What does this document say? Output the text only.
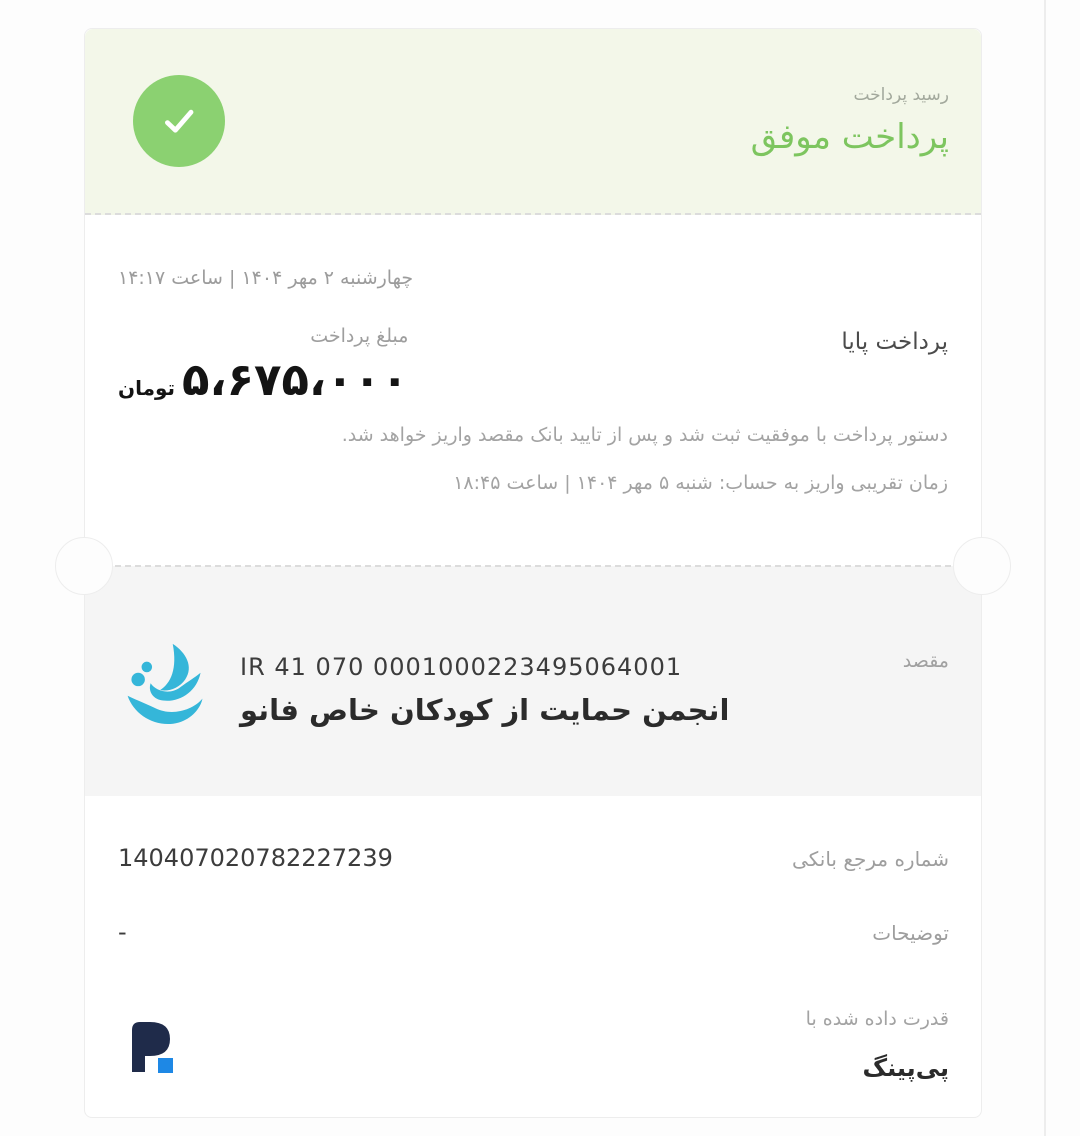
رسید پرداخت
پرداخت موفق

چهارشنبه ۲ مهر ۱۴۰۴ | ساعت ۱۴:۱۷

پرداخت پایا
مبلغ پرداخت
۵،۶۷۵،۰۰۰
تومان

دستور پرداخت با موفقیت ثبت شد و پس از تایید بانک مقصد واریز خواهد شد.

زمان تقریبی واریز به حساب: شنبه ۵ مهر ۱۴۰۴ | ساعت ۱۸:۴۵

مقصد
IR 41 070 0001000223495064001
انجمن حمایت از کودکان خاص فانو
شماره مرجع بانکی
140407020782227239
توضیحات
-
قدرت داده شده با
پی‌پینگ
